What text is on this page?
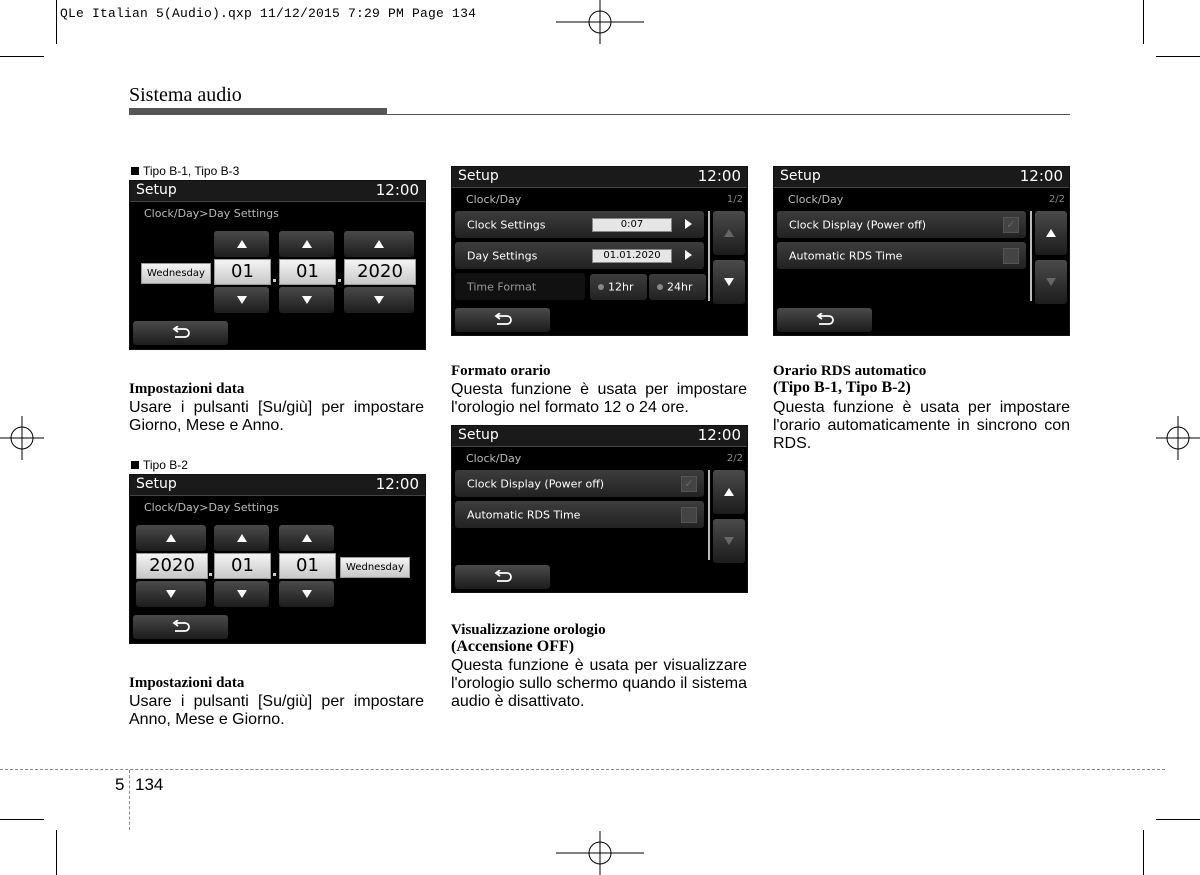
QLe Italian 5(Audio).qxp 11/12/2015 7:29 PM Page 134
Sistema audio
Tipo B-1, Tipo B-3
Setup	12:00
Clock/Day>Day Settings
Wednesday	01	01	2020
Impostazioni data
Usare i pulsanti [Su/giù] per impostare Giorno, Mese e Anno.
Tipo B-2
Setup	12:00
Clock/Day>Day Settings
2020	01	01	Wednesday
Impostazioni data
Usare i pulsanti [Su/giù] per impostare Anno, Mese e Giorno.
Setup	12:00
Clock/Day	1/2
Clock Settings	0:07
Day Settings	01.01.2020
Time Format	12hr	24hr
Formato orario
Questa funzione è usata per impostare l'orologio nel formato 12 o 24 ore.
Setup	12:00
Clock/Day	2/2
Clock Display (Power off)	✓
Automatic RDS Time
Visualizzazione orologio
(Accensione OFF)
Questa funzione è usata per visualizzare l'orologio sullo schermo quando il sistema audio è disattivato.
Setup	12:00
Clock/Day	2/2
Clock Display (Power off)	✓
Automatic RDS Time
Orario RDS automatico
(Tipo B-1, Tipo B-2)
Questa funzione è usata per impostare l'orario automaticamente in sincrono con RDS.
5 134
